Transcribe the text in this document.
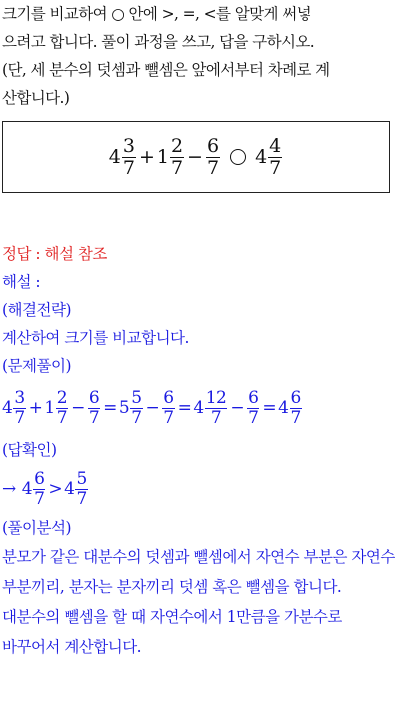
크기를 비교하여 ○ 안에 >, =, <를 알맞게 써넣

으려고 합니다. 풀이 과정을 쓰고, 답을 구하시오.

(단, 세 분수의 덧셈과 뺄셈은 앞에서부터 차례로 계

산합니다.)

$4 \frac{3}{7} + 1 \frac{2}{7} - \frac{6}{7} 4 \frac{4}{7}$
정답 : 해설 참조
해설 :
(해결전략)
계산하여 크기를 비교합니다.
(문제풀이)
$4 \frac{3}{7} + 1 \frac{2}{7} - \frac{6}{7} = 5 \frac{5}{7} - \frac{6}{7} = 4 \frac{12}{7} - \frac{6}{7} = 4 \frac{6}{7}$
(답확인)
→ $4 \frac{6}{7} > 4 \frac{5}{7}$
(풀이분석)
분모가 같은 대분수의 덧셈과 뺄셈에서 자연수 부분은 자연수 부분끼리, 분자는 분자끼리 덧셈 혹은 뺄셈을 합니다.
대분수의 뺄셈을 할 때 자연수에서 1만큼을 가분수로 바꾸어서 계산합니다.
